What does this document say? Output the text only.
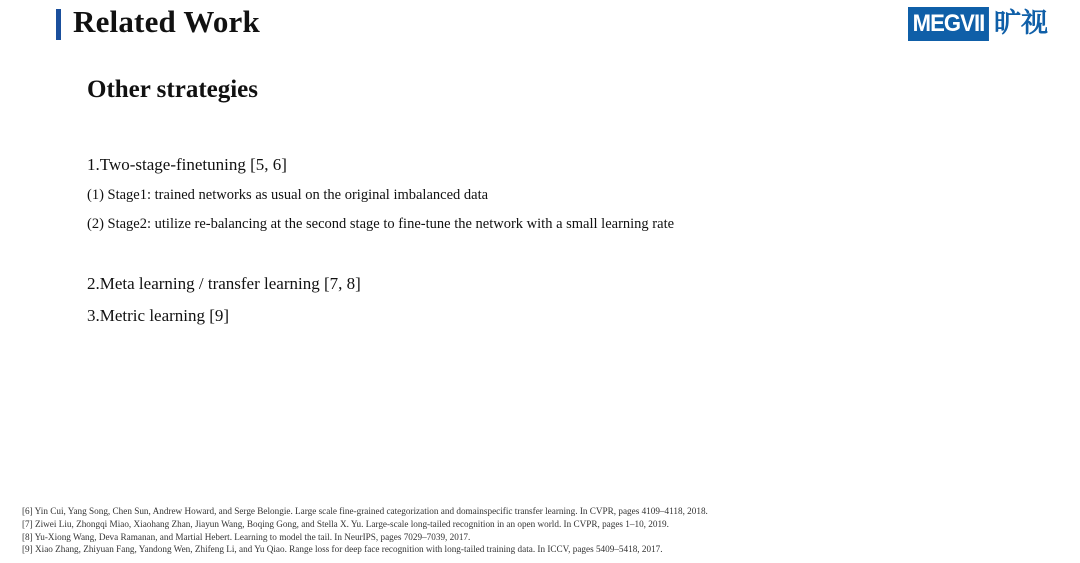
Related Work	MEGVII 旷视
Other strategies
1.Two-stage-finetuning [5, 6]
(1) Stage1: trained networks as usual on the original imbalanced data
(2) Stage2: utilize re-balancing at the second stage to fine-tune the network with a small learning rate
2.Meta learning / transfer learning [7, 8]
3.Metric learning [9]
[6] Yin Cui, Yang Song, Chen Sun, Andrew Howard, and Serge Belongie. Large scale fine-grained categorization and domainspecific transfer learning. In CVPR, pages 4109–4118, 2018.
[7] Ziwei Liu, Zhongqi Miao, Xiaohang Zhan, Jiayun Wang, Boqing Gong, and Stella X. Yu. Large-scale long-tailed recognition in an open world. In CVPR, pages 1–10, 2019.
[8] Yu-Xiong Wang, Deva Ramanan, and Martial Hebert. Learning to model the tail. In NeurIPS, pages 7029–7039, 2017.
[9] Xiao Zhang, Zhiyuan Fang, Yandong Wen, Zhifeng Li, and Yu Qiao. Range loss for deep face recognition with long-tailed training data. In ICCV, pages 5409–5418, 2017.
